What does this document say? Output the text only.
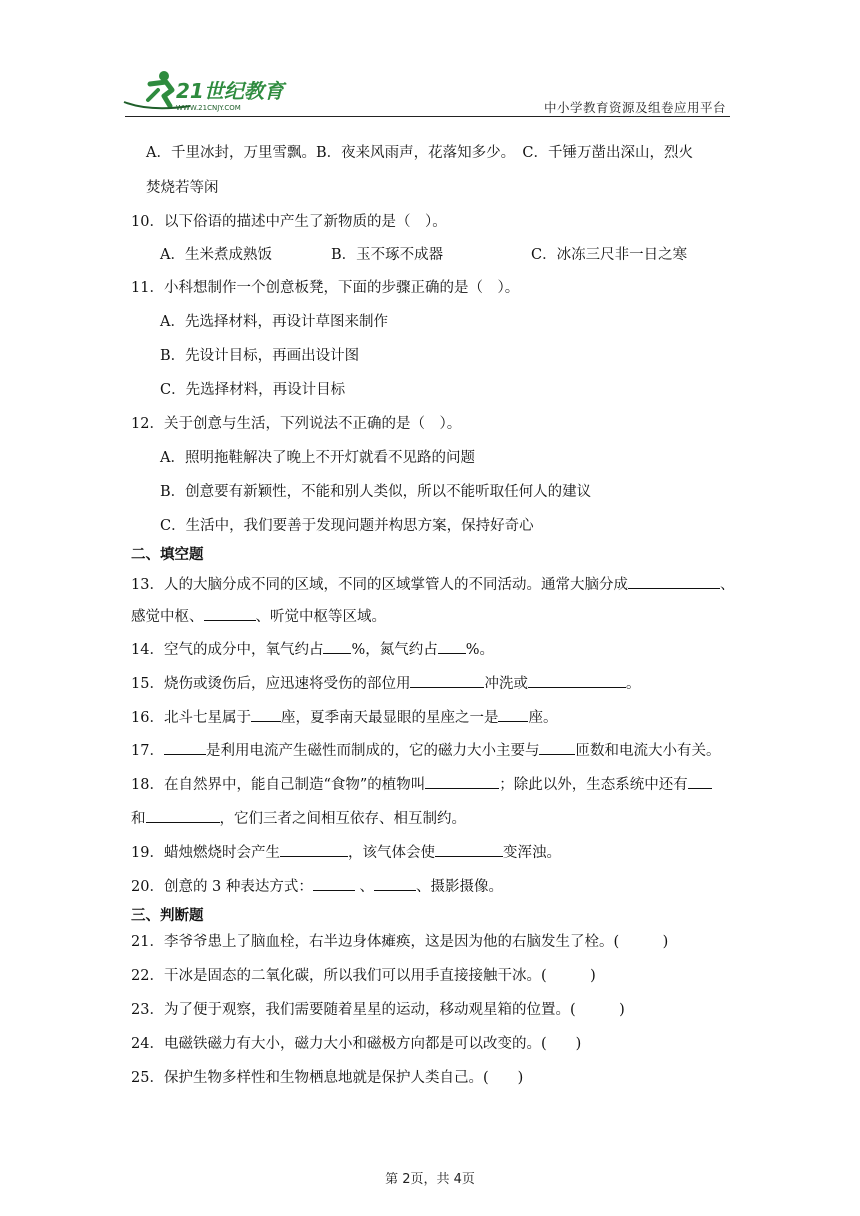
21世纪教育
WWW.21CNJY.COM	中小学教育资源及组卷应用平台
A．千里冰封，万里雪飘。B．夜来风雨声，花落知多少。　C．千锤万凿出深山，烈火
焚烧若等闲
10．以下俗语的描述中产生了新物质的是（　）。
A．生米煮成熟饭	B．玉不琢不成器	C．冰冻三尺非一日之寒
11．小科想制作一个创意板凳，下面的步骤正确的是（　）。
A．先选择材料，再设计草图来制作
B．先设计目标，再画出设计图
C．先选择材料，再设计目标
12．关于创意与生活，下列说法不正确的是（　）。
A．照明拖鞋解决了晚上不开灯就看不见路的问题
B．创意要有新颖性，不能和别人类似，所以不能听取任何人的建议
C．生活中，我们要善于发现问题并构思方案，保持好奇心
二、填空题
13．人的大脑分成不同的区域，不同的区域掌管人的不同活动。通常大脑分成	、
感觉中枢、	、听觉中枢等区域。
14．空气的成分中，氧气约占 %，氮气约占 %。
15．烧伤或烫伤后，应迅速将受伤的部位用	冲洗或	。
16．北斗七星属于 座，夏季南天最显眼的星座之一是 座。
17．	是利用电流产生磁性而制成的，它的磁力大小主要与 匝数和电流大小有关。
18．在自然界中，能自己制造“食物”的植物叫	；除此以外，生态系统中还有
和	，它们三者之间相互依存、相互制约。
19．蜡烛燃烧时会产生	，该气体会使	变浑浊。
20．创意的 3 种表达方式：	、	、摄影摄像。
三、判断题
21．李爷爷患上了脑血栓，右半边身体瘫痪，这是因为他的右脑发生了栓。(　　　)
22．干冰是固态的二氧化碳，所以我们可以用手直接接触干冰。(　　　)
23．为了便于观察，我们需要随着星星的运动，移动观星箱的位置。(　　　)
24．电磁铁磁力有大小，磁力大小和磁极方向都是可以改变的。(　　)
25．保护生物多样性和生物栖息地就是保护人类自己。(　　)
第 2页，共 4页
